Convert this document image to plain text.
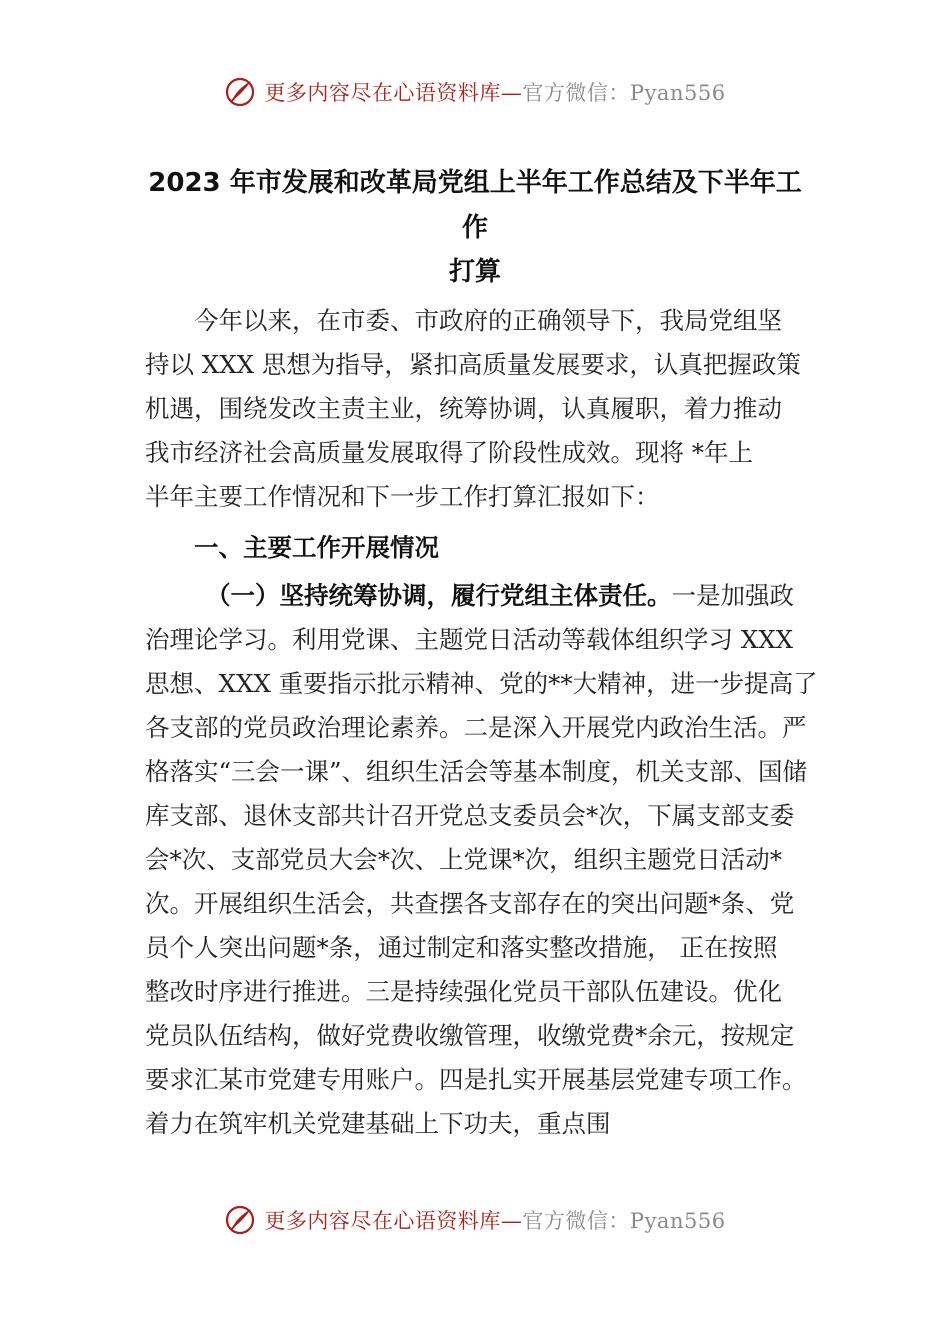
更多内容尽在心语资料库—官方微信：Pyan556
2023 年市发展和改革局党组上半年工作总结及下半年工
作
打算
今年以来，在市委、市政府的正确领导下，我局党组坚
持以 XXX 思想为指导，紧扣高质量发展要求，认真把握政策
机遇，围绕发改主责主业，统筹协调，认真履职，着力推动
我市经济社会高质量发展取得了阶段性成效。现将 *年上
半年主要工作情况和下一步工作打算汇报如下：
一、主要工作开展情况
（一）坚持统筹协调，履行党组主体责任。一是加强政
治理论学习。利用党课、主题党日活动等载体组织学习 XXX
思想、XXX 重要指示批示精神、党的**大精神，进一步提高了
各支部的党员政治理论素养。二是深入开展党内政治生活。严
格落实“三会一课”、组织生活会等基本制度，机关支部、国储
库支部、退休支部共计召开党总支委员会*次，下属支部支委
会*次、支部党员大会*次、上党课*次，组织主题党日活动*
次。开展组织生活会，共查摆各支部存在的突出问题*条、党
员个人突出问题*条，通过制定和落实整改措施， 正在按照
整改时序进行推进。三是持续强化党员干部队伍建设。优化
党员队伍结构，做好党费收缴管理，收缴党费*余元，按规定
要求汇某市党建专用账户。四是扎实开展基层党建专项工作。
着力在筑牢机关党建基础上下功夫，重点围
更多内容尽在心语资料库—官方微信：Pyan556
